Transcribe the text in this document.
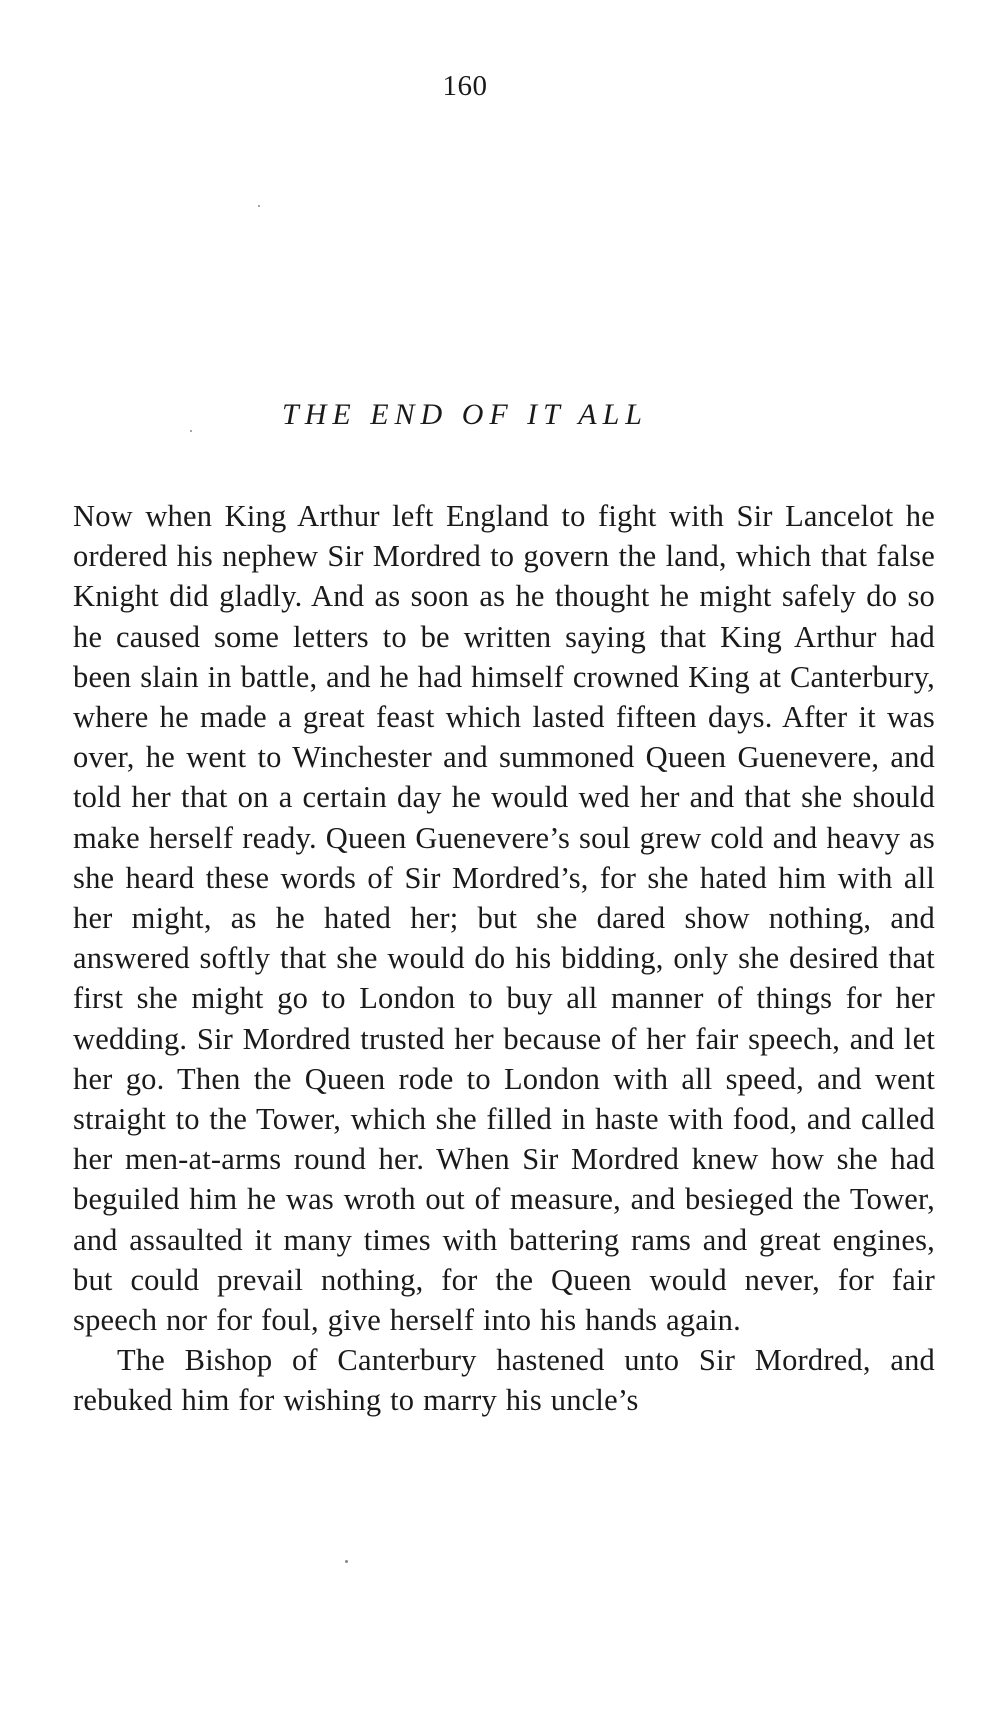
160
THE END OF IT ALL

Now when King Arthur left England to fight with Sir Lancelot he ordered his nephew Sir Mordred to govern the land, which that false Knight did gladly. And as soon as he thought he might safely do so he caused some letters to be written saying that King Arthur had been slain in battle, and he had himself crowned King at Canterbury, where he made a great feast which lasted fifteen days. After it was over, he went to Winchester and summoned Queen Guenevere, and told her that on a certain day he would wed her and that she should make herself ready. Queen Guenevere’s soul grew cold and heavy as she heard these words of Sir Mordred’s, for she hated him with all her might, as he hated her; but she dared show nothing, and answered softly that she would do his bidding, only she desired that first she might go to London to buy all manner of things for her wedding. Sir Mordred trusted her because of her fair speech, and let her go. Then the Queen rode to London with all speed, and went straight to the Tower, which she filled in haste with food, and called her men-at-arms round her. When Sir Mordred knew how she had beguiled him he was wroth out of measure, and besieged the Tower, and assaulted it many times with battering rams and great engines, but could prevail nothing, for the Queen would never, for fair speech nor for foul, give herself into his hands again.

The Bishop of Canterbury hastened unto Sir Mordred, and rebuked him for wishing to marry his uncle’s
